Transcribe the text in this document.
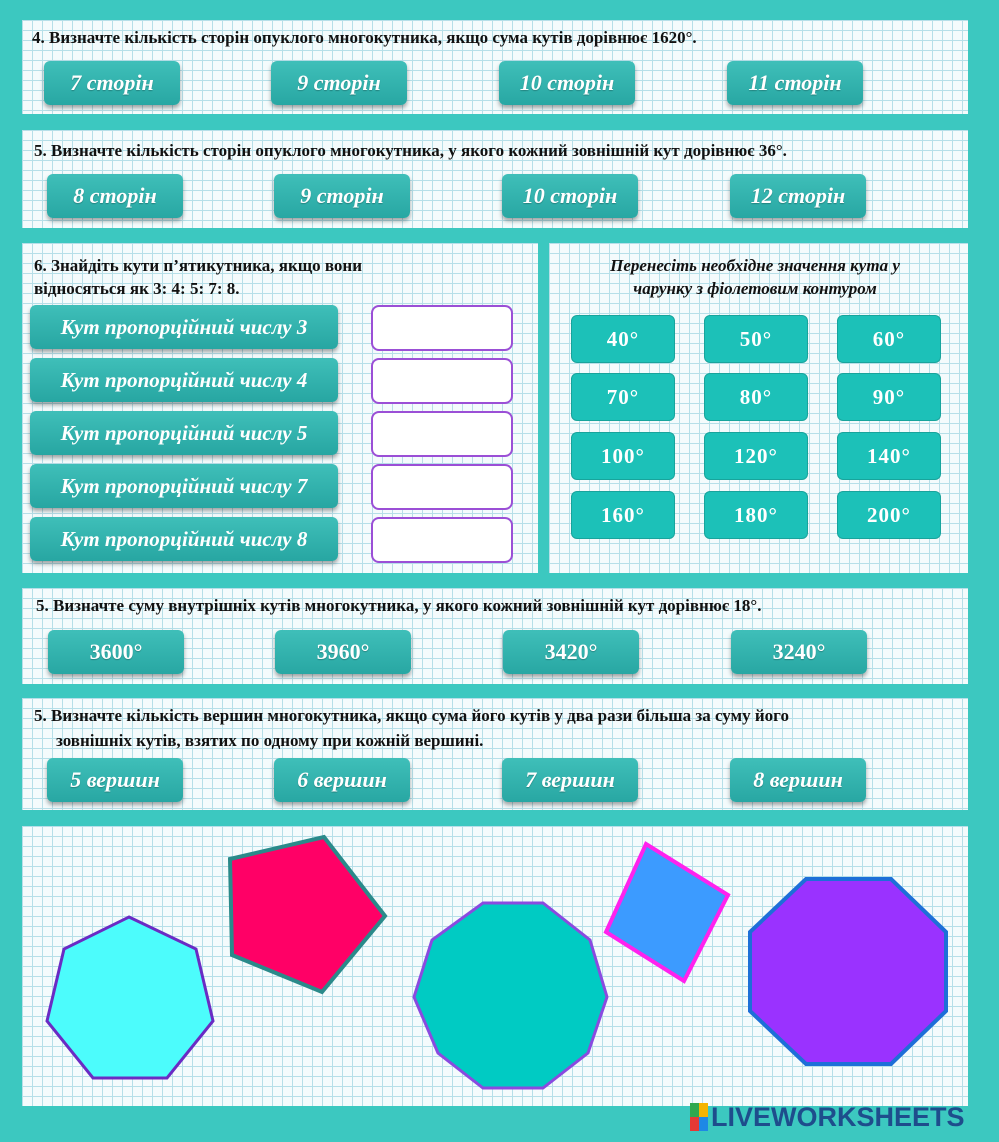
4. Визначте кількість сторін опуклого многокутника, якщо сума кутів дорівнює 1620°.
7 сторін	9 сторін	10 сторін	11 сторін
5. Визначте кількість сторін опуклого многокутника, у якого кожний зовнішній кут дорівнює 36°.
8 сторін	9 сторін	10 сторін	12 сторін
6. Знайдіть кути п’ятикутника, якщо вони
відносяться як 3: 4: 5: 7: 8.
Кут пропорційний числу 3
Кут пропорційний числу 4
Кут пропорційний числу 5
Кут пропорційний числу 7
Кут пропорційний числу 8
Перенесіть необхідне значення кута у
чарунку з фіолетовим контуром
40°	50°	60°
70°	80°	90°
100°	120°	140°
160°	180°	200°
5. Визначте суму внутрішніх кутів многокутника, у якого кожний зовнішній кут дорівнює 18°.
3600°	3960°	3420°	3240°
5. Визначте кількість вершин многокутника, якщо сума його кутів у два рази більша за суму його
зовнішніх кутів, взятих по одному при кожній вершині.
5 вершин	6 вершин	7 вершин	8 вершин
LIVEWORKSHEETS
